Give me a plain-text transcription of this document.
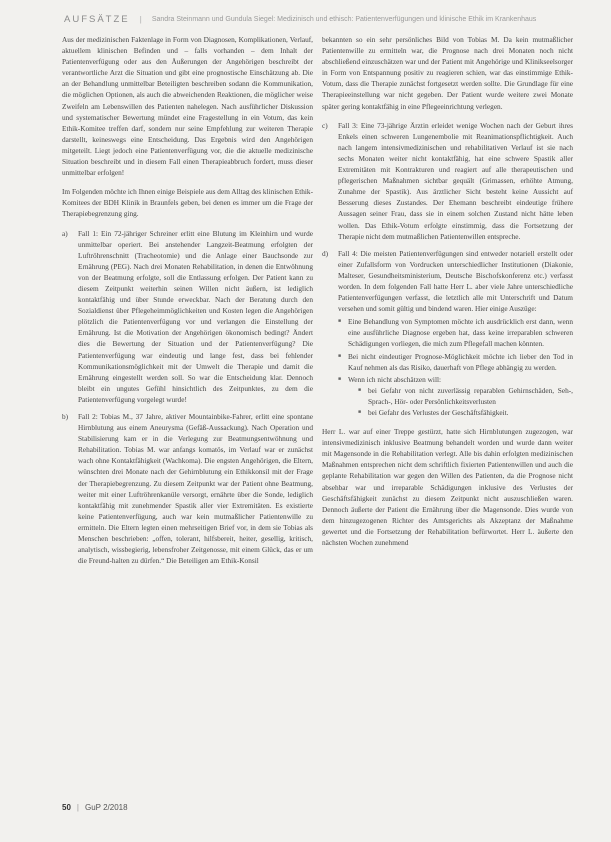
AUFSÄTZE | Sandra Steinmann und Gundula Siegel: Medizinisch und ethisch: Patientenverfügungen und klinische Ethik im Krankenhaus

Aus der medizinischen Faktenlage in Form von Diagnosen, Komplikationen, Verlauf, aktuellem klinischen Befinden und – falls vorhanden – dem Inhalt der Patientenverfügung oder aus den Äußerungen der Angehörigen beschreibt der verantwortliche Arzt die Situation und gibt eine prognostische Einschätzung ab. Die an der Behandlung unmittelbar Beteiligten beschreiben sodann die Kommunikation, die möglichen Optionen, als auch die abweichenden Reaktionen, die möglicher weise Zweifeln am Lebenswillen des Patienten nahelegen. Nach ausführlicher Diskussion und systematischer Bewertung mündet eine Fragestellung in ein Votum, das kein Ethik-Komitee treffen darf, sondern nur seine Empfehlung zur weiteren Therapie darstellt, keineswegs eine Entscheidung. Das Ergebnis wird den Angehörigen mitgeteilt. Liegt jedoch eine Patientenverfügung vor, die die aktuelle medizinische Situation beschreibt und in diesem Fall einen Therapieabbruch fordert, muss dieser unmittelbar erfolgen!

Im Folgenden möchte ich Ihnen einige Beispiele aus dem Alltag des klinischen Ethik-Komitees der BDH Klinik in Braunfels geben, bei denen es immer um die Frage der Therapiebegrenzung ging.

a)	Fall 1: Ein 72-jähriger Schreiner erlitt eine Blutung im Kleinhirn und wurde unmittelbar operiert. Bei anstehender Langzeit-Beatmung erfolgten der Luftröhrenschnitt (Tracheotomie) und die Anlage einer Bauchsonde zur Ernährung (PEG). Nach drei Monaten Rehabilitation, in denen die Entwöhnung von der Beatmung erfolgte, soll die Entlassung erfolgen. Der Patient kann zu diesem Zeitpunkt weiterhin seinen Willen nicht äußern, ist lediglich kontaktfähig und über Stunde erweckbar. Nach der Beratung durch den Sozialdienst über Pflegeheimmöglichkeiten und Kosten legen die Angehörigen plötzlich die Patientenverfügung vor und verlangen die Einstellung der Ernährung. Ist die Motivation der Angehörigen ökonomisch bedingt? Ändert dies die Bewertung der Situation und der Patientenverfügung? Die Patientenverfügung war eindeutig und lange fest, dass bei fehlender Kommunikationsmöglichkeit mit der Umwelt die Therapie und damit die Ernährung eingestellt werden soll. So war die Entscheidung klar. Dennoch bleibt ein ungutes Gefühl hinsichtlich des Zeitpunktes, zu dem die Patientenverfügung vorgelegt wurde!
b)	Fall 2: Tobias M., 37 Jahre, aktiver Mountainbike-Fahrer, erlitt eine spontane Hirnblutung aus einem Aneurysma (Gefäß-Aussackung). Nach Operation und Stabilisierung kam er in die Verlegung zur Beatmungsentwöhnung und Rehabilitation. Tobias M. war anfangs komatös, im Verlauf war er zunächst wach ohne Kontaktfähigkeit (Wachkoma). Die engsten Angehörigen, die Eltern, wünschten drei Monate nach der Gehirnblutung ein Ethikkonsil mit der Frage der Therapiebegrenzung. Zu diesem Zeitpunkt war der Patient ohne Beatmung, weiter mit einer Luftröhrenkanüle versorgt, ernährte über die Sonde, lediglich kontaktfähig mit zunehmender Spastik aller vier Extremitäten. Es existierte keine Patientenverfügung, auch war kein mutmaßlicher Patientenwille zu ermitteln. Die Eltern legten einen mehrseitigen Brief vor, in dem sie Tobias als Menschen beschrieben: „offen, tolerant, hilfsbereit, heiter, gesellig, kritisch, analytisch, wissbegierig, lebensfroher Zeitgenosse, mit einem Glück, das er um die Freund-halten zu dürfen.“ Die Beteiligen am Ethik-Konsil

bekannten so ein sehr persönliches Bild von Tobias M. Da kein mutmaßlicher Patientenwille zu ermitteln war, die Prognose nach drei Monaten noch nicht abschließend einzuschätzen war und der Patient mit Angehörige und Klinikseelsorger in Form von Entspannung positiv zu reagieren schien, war das einstimmige Ethik-Votum, dass die Therapie zunächst fortgesetzt werden sollte. Die Grundlage für eine Therapieeinstellung war nicht gegeben. Der Patient wurde weitere zwei Monate später gering kontaktfähig in eine Pflegeeinrichtung verlegen.

c)	Fall 3: Eine 73-jährige Ärztin erleidet wenige Wochen nach der Geburt ihres Enkels einen schweren Lungenembolie mit Reanimationspflichtigkeit. Auch nach langem intensivmedizinischen und rehabilitativen Verlauf ist sie nach sechs Monaten weiter nicht kontaktfähig, hat eine schwere Spastik aller Extremitäten mit Kontrakturen und reagiert auf alle therapeutischen und pflegerischen Maßnahmen sichtbar gequält (Grimassen, erhöhte Atmung, Zunahme der Spastik). Aus ärztlicher Sicht besteht keine Aussicht auf Besserung dieses Zustandes. Der Ehemann beschreibt eindeutige frühere Aussagen seiner Frau, dass sie in einem solchen Zustand nicht hätte leben wollen. Das Ethik-Votum erfolgte einstimmig, dass die Fortsetzung der Therapie nicht dem mutmaßlichen Patientenwillen entspreche.
d)	Fall 4: Die meisten Patientenverfügungen sind entweder notariell erstellt oder einer Zufallsform von Vordrucken unterschiedlicher Institutionen (Diakonie, Malteser, Gesundheitsministerium, Deutsche Bischofskonferenz etc.) verfasst worden. In dem folgenden Fall hatte Herr L. aber viele Jahre unterschiedliche Patientenverfügungen verfasst, die letztlich alle mit Unterschrift und Datum versehen und somit gültig und bindend waren. Hier einige Auszüge:
■ Eine Behandlung von Symptomen möchte ich ausdrücklich erst dann, wenn eine ausführliche Diagnose ergeben hat, dass keine irreparablen schweren Schädigungen vorliegen, die mich zum Pflegefall machen könnten.
■ Bei nicht eindeutiger Prognose-Möglichkeit möchte ich lieber den Tod in Kauf nehmen als das Risiko, dauerhaft von Pflege abhängig zu werden.
■ Wenn ich nicht abschätzen will:
■ bei Gefahr von nicht zuverlässig reparablen Gehirnschäden, Seh-, Sprach-, Hör- oder Persönlichkeitsverlusten
■ bei Gefahr des Verlustes der Geschäftsfähigkeit.

Herr L. war auf einer Treppe gestürzt, hatte sich Hirnblutungen zugezogen, war intensivmedizinisch inklusive Beatmung behandelt worden und wurde dann weiter mit Magensonde in die Rehabilitation verlegt. Alle bis dahin erfolgten medizinischen Maßnahmen entsprechen nicht dem schriftlich fixierten Patientenwillen und auch die geplante Rehabilitation war gegen den Willen des Patienten, da die Prognose nicht absehbar war und irreparable Schädigungen inklusive des Verlustes der Geschäftsfähigkeit zunächst zu diesem Zeitpunkt nicht auszuschließen waren. Dennoch äußerte der Patient die Ernährung über die Magensonde. Dies wurde von dem hinzugezogenen Richter des Amtsgerichts als Akzeptanz der Maßnahme gewertet und die Fortsetzung der Rehabilitation befürwortet. Herr L. äußerte den nächsten Wochen zunehmend

50 | GuP 2/2018
